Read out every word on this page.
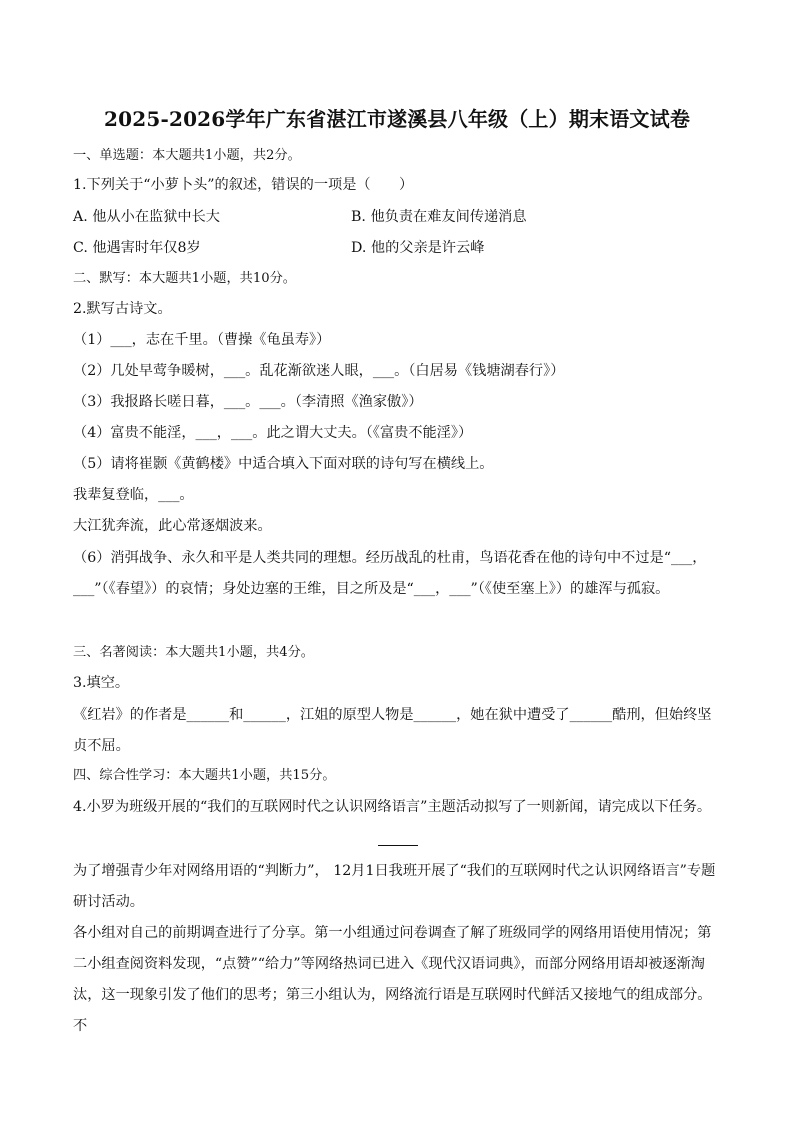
2025-2026学年广东省湛江市遂溪县八年级（上）期末语文试卷
一、单选题：本大题共1小题，共2分。
1.下列关于“小萝卜头”的叙述，错误的一项是（　　）
A. 他从小在监狱中长大	B. 他负责在难友间传递消息
C. 他遇害时年仅8岁	D. 他的父亲是许云峰
二、默写：本大题共1小题，共10分。
2.默写古诗文。
（1）___，志在千里。（曹操《龟虽寿》）
（2）几处早莺争暖树，___。乱花渐欲迷人眼，___。（白居易《钱塘湖春行》）
（3）我报路长嗟日暮，___。___。（李清照《渔家傲》）
（4）富贵不能淫，___，___。此之谓大丈夫。（《富贵不能淫》）
（5）请将崔颢《黄鹤楼》中适合填入下面对联的诗句写在横线上。
我辈复登临，___。
大江犹奔流，此心常逐烟波来。
（6）消弭战争、永久和平是人类共同的理想。经历战乱的杜甫，鸟语花香在他的诗句中不过是“___，___”（《春望》）的哀情；身处边塞的王维，目之所及是“___，___”（《使至塞上》）的雄浑与孤寂。
三、名著阅读：本大题共1小题，共4分。
3.填空。
《红岩》的作者是______和______，江姐的原型人物是______，她在狱中遭受了______酷刑，但始终坚贞不屈。
四、综合性学习：本大题共1小题，共15分。
4.小罗为班级开展的“我们的互联网时代之认识网络语言”主题活动拟写了一则新闻，请完成以下任务。
为了增强青少年对网络用语的“判断力”， 12月1日我班开展了“我们的互联网时代之认识网络语言”专题研讨活动。
各小组对自己的前期调查进行了分享。第一小组通过问卷调查了解了班级同学的网络用语使用情况；第二小组查阅资料发现，“点赞”“给力”等网络热词已进入《现代汉语词典》，而部分网络用语却被逐渐淘汰，这一现象引发了他们的思考；第三小组认为，网络流行语是互联网时代鲜活又接地气的组成部分。不
